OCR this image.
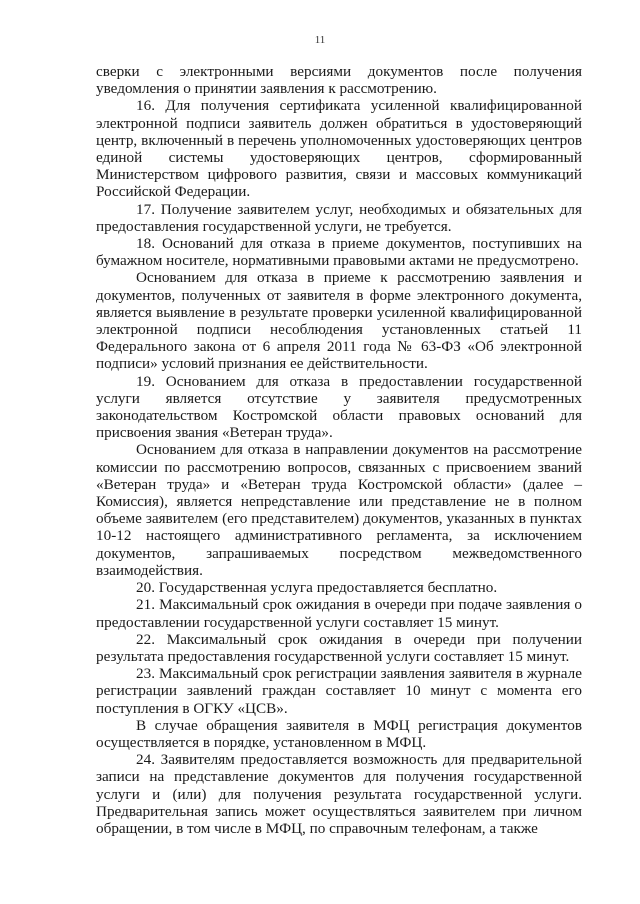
11

сверки с электронными версиями документов после получения уведомления о принятии заявления к рассмотрению.

16. Для получения сертификата усиленной квалифицированной электронной подписи заявитель должен обратиться в удостоверяющий центр, включенный в перечень уполномоченных удостоверяющих центров единой системы удостоверяющих центров, сформированный Министерством цифрового развития, связи и массовых коммуникаций Российской Федерации.

17. Получение заявителем услуг, необходимых и обязательных для предоставления государственной услуги, не требуется.

18. Оснований для отказа в приеме документов, поступивших на бумажном носителе, нормативными правовыми актами не предусмотрено.

Основанием для отказа в приеме к рассмотрению заявления и документов, полученных от заявителя в форме электронного документа, является выявление в результате проверки усиленной квалифицированной электронной подписи несоблюдения установленных статьей 11 Федерального закона от 6 апреля 2011 года № 63-ФЗ «Об электронной подписи» условий признания ее действительности.

19. Основанием для отказа в предоставлении государственной услуги является отсутствие у заявителя предусмотренных законодательством Костромской области правовых оснований для присвоения звания «Ветеран труда».

Основанием для отказа в направлении документов на рассмотрение комиссии по рассмотрению вопросов, связанных с присвоением званий «Ветеран труда» и «Ветеран труда Костромской области» (далее – Комиссия), является непредставление или представление не в полном объеме заявителем (его представителем) документов, указанных в пунктах 10-12 настоящего административного регламента, за исключением документов, запрашиваемых посредством межведомственного взаимодействия.

20. Государственная услуга предоставляется бесплатно.

21. Максимальный срок ожидания в очереди при подаче заявления о предоставлении государственной услуги составляет 15 минут.

22. Максимальный срок ожидания в очереди при получении результата предоставления государственной услуги составляет 15 минут.

23. Максимальный срок регистрации заявления заявителя в журнале регистрации заявлений граждан составляет 10 минут с момента его поступления в ОГКУ «ЦСВ».

В случае обращения заявителя в МФЦ регистрация документов осуществляется в порядке, установленном в МФЦ.

24. Заявителям предоставляется возможность для предварительной записи на представление документов для получения государственной услуги и (или) для получения результата государственной услуги. Предварительная запись может осуществляться заявителем при личном обращении, в том числе в МФЦ, по справочным телефонам, а также
